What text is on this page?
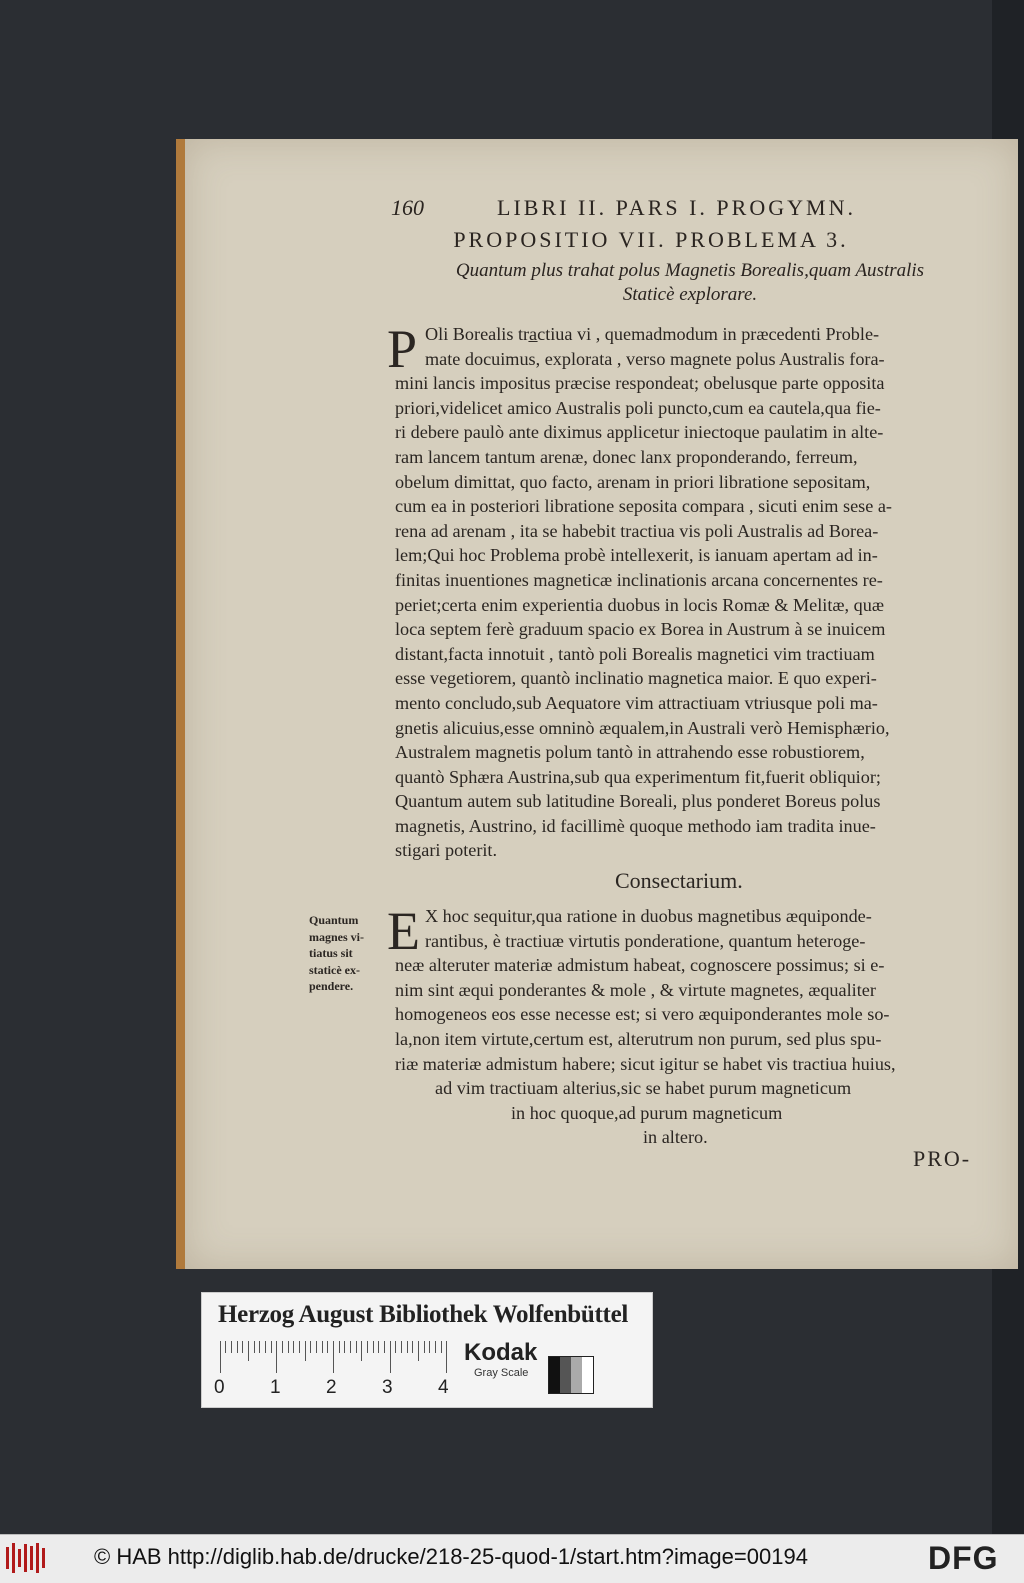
160	LIBRI II. PARS I. PROGYMN.
PROPOSITIO VII. PROBLEMA 3.
Quantum plus trahat polus Magnetis Borealis,quam Australis
Staticè explorare.
P Oli Borealis tra̲ctiua vi , quemadmodum in præcedenti Proble-
mate docuimus, explorata , verso magnete polus Australis fora-
mini lancis impositus præcise respondeat; obelusque parte opposita
priori,videlicet amico Australis poli puncto,cum ea cautela,qua fie-
ri debere paulò ante diximus applicetur iniectoque paulatim in alte-
ram lancem tantum arenæ, donec lanx proponderando, ferreum,
obelum dimittat, quo facto, arenam in priori libratione sepositam,
cum ea in posteriori libratione seposita compara , sicuti enim sese a-
rena ad arenam , ita se habebit tractiua vis poli Australis ad Borea-
lem;Qui hoc Problema probè intellexerit, is ianuam apertam ad in-
finitas inuentiones magneticæ inclinationis arcana concernentes re-
periet;certa enim experientia duobus in locis Romæ & Melitæ, quæ
loca septem ferè graduum spacio ex Borea in Austrum à se inuicem
distant,facta innotuit , tantò poli Borealis magnetici vim tractiuam
esse vegetiorem, quantò inclinatio magnetica maior. E quo experi-
mento concludo,sub Aequatore vim attractiuam vtriusque poli ma-
gnetis alicuius,esse omninò æqualem,in Australi verò Hemisphærio,
Australem magnetis polum tantò in attrahendo esse robustiorem,
quantò Sphæra Austrina,sub qua experimentum fit,fuerit obliquior;
Quantum autem sub latitudine Boreali, plus ponderet Boreus polus
magnetis, Austrino, id facillimè quoque methodo iam tradita inue-
stigari poterit.
Consectarium.
Quantum
magnes vi-
tiatus sit
staticè ex-
pendere.
E X hoc sequitur,qua ratione in duobus magnetibus æquiponde-
rantibus, è tractiuæ virtutis ponderatione, quantum heteroge-
neæ alteruter materiæ admistum habeat, cognoscere possimus; si e-
nim sint æqui ponderantes & mole , & virtute magnetes, æqualiter
homogeneos eos esse necesse est; si vero æquiponderantes mole so-
la,non item virtute,certum est, alterutrum non purum, sed plus spu-
riæ materiæ admistum habere; sicut igitur se habet vis tractiua huius,
ad vim tractiuam alterius,sic se habet purum magneticum
in hoc quoque,ad purum magneticum
in altero.
PRO-
Herzog August Bibliothek Wolfenbüttel
0 1 2 3 4
Kodak
Gray Scale
© HAB http://diglib.hab.de/drucke/218-25-quod-1/start.htm?image=00194	DFG
